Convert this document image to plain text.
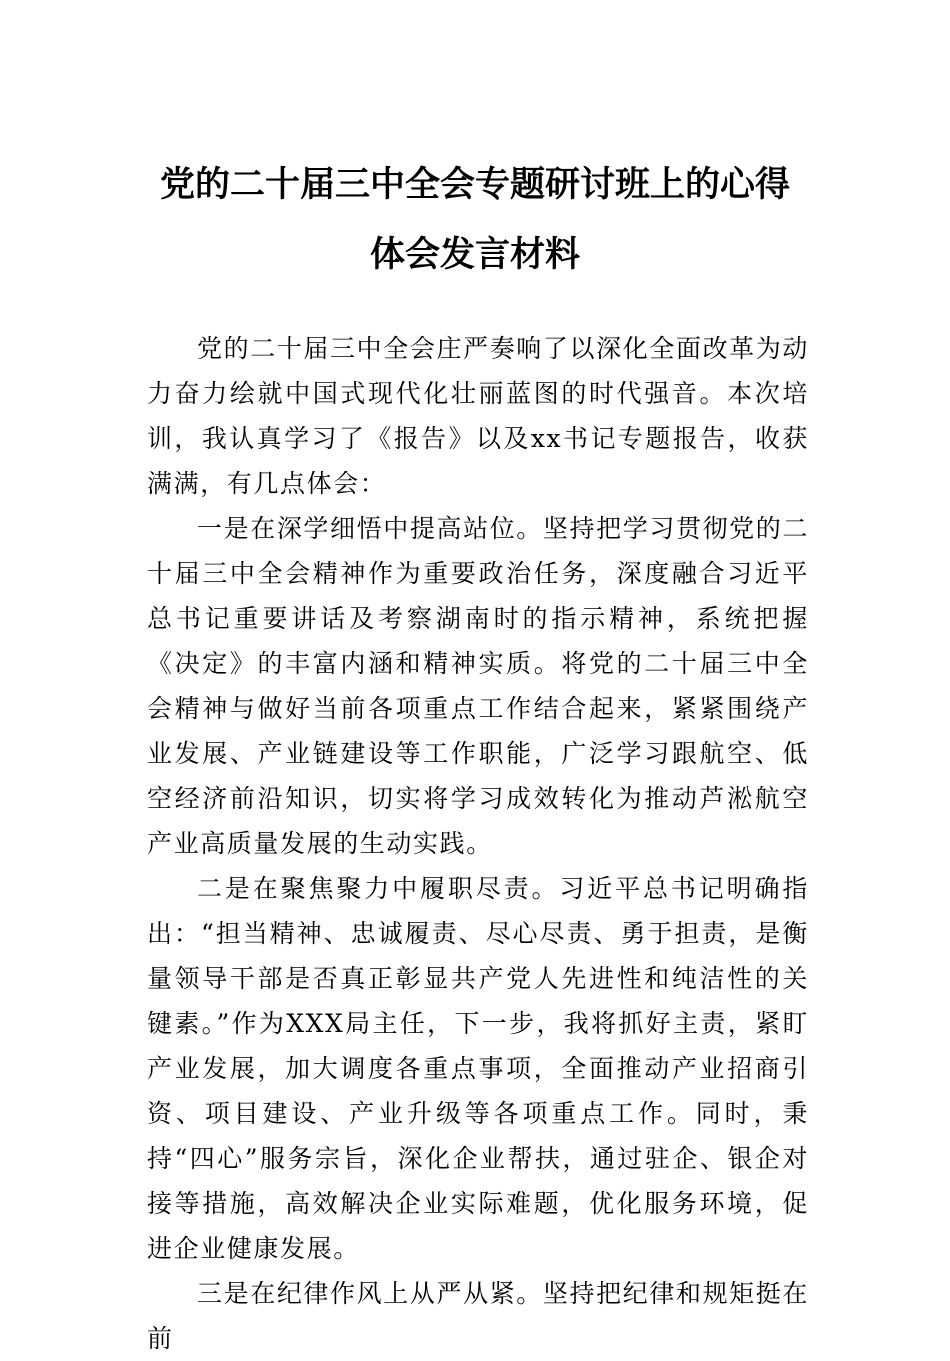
党的二十届三中全会专题研讨班上的心得
体会发言材料

党的二十届三中全会庄严奏响了以深化全面改革为动力奋力绘就中国式现代化壮丽蓝图的时代强音。本次培训，我认真学习了《报告》以及xx书记专题报告，收获满满，有几点体会：

一是在深学细悟中提高站位。坚持把学习贯彻党的二十届三中全会精神作为重要政治任务，深度融合习近平总书记重要讲话及考察湖南时的指示精神，系统把握《决定》的丰富内涵和精神实质。将党的二十届三中全会精神与做好当前各项重点工作结合起来，紧紧围绕产业发展、产业链建设等工作职能，广泛学习跟航空、低空经济前沿知识，切实将学习成效转化为推动芦淞航空产业高质量发展的生动实践。

二是在聚焦聚力中履职尽责。习近平总书记明确指出：“担当精神、忠诚履责、尽心尽责、勇于担责，是衡量领导干部是否真正彰显共产党人先进性和纯洁性的关键素。”作为XXX局主任，下一步，我将抓好主责，紧盯产业发展，加大调度各重点事项，全面推动产业招商引资、项目建设、产业升级等各项重点工作。同时，秉持“四心”服务宗旨，深化企业帮扶，通过驻企、银企对接等措施，高效解决企业实际难题，优化服务环境，促进企业健康发展。

三是在纪律作风上从严从紧。坚持把纪律和规矩挺在前
